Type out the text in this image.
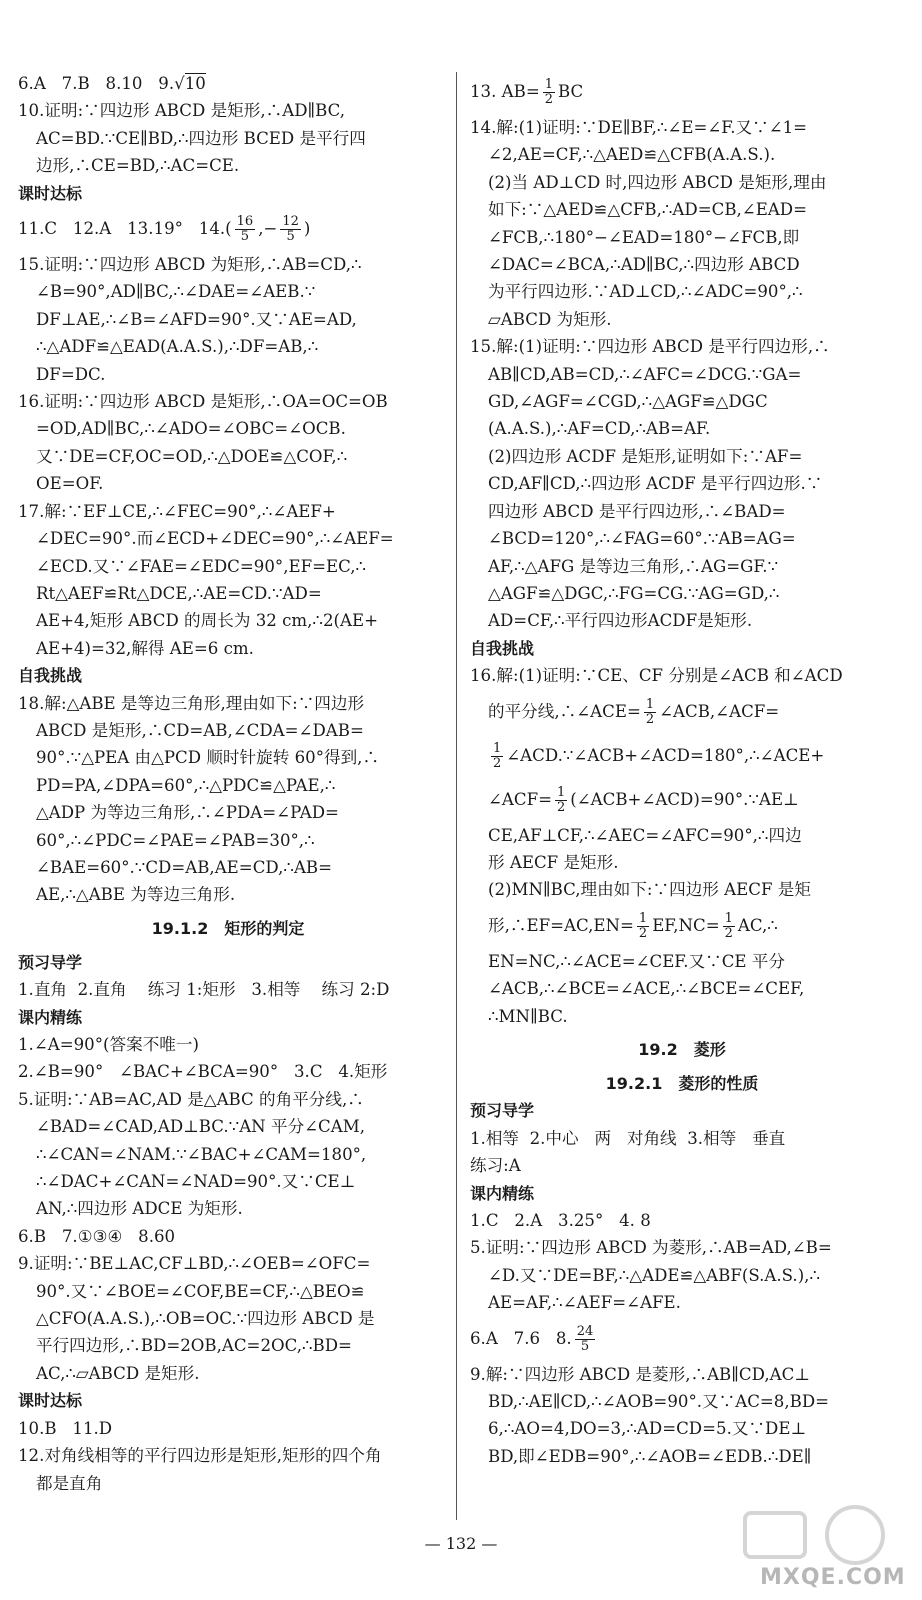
6.A 7.B 8.10 9.√10
10.证明:∵四边形 ABCD 是矩形,∴AD∥BC,
AC=BD.∵CE∥BD,∴四边形 BCED 是平行四
边形,∴CE=BD,∴AC=CE.
课时达标
11.C 12.A 13.19° $14.( \frac{16}{5}$ ,− $\frac{12}{5}$ )
15.证明:∵四边形 ABCD 为矩形,∴AB=CD,∴
∠B=90°,AD∥BC,∴∠DAE=∠AEB.∵
DF⊥AE,∴∠B=∠AFD=90°.又∵AE=AD,
∴△ADF≌△EAD(A.A.S.),∴DF=AB,∴
DF=DC.
16.证明:∵四边形 ABCD 是矩形,∴OA=OC=OB
=OD,AD∥BC,∴∠ADO=∠OBC=∠OCB.
又∵DE=CF,OC=OD,∴△DOE≌△COF,∴
OE=OF.
17.解:∵EF⊥CE,∴∠FEC=90°,∴∠AEF+
∠DEC=90°.而∠ECD+∠DEC=90°,∴∠AEF=
∠ECD.又∵∠FAE=∠EDC=90°,EF=EC,∴
Rt△AEF≌Rt△DCE,∴AE=CD.∵AD=
AE+4,矩形 ABCD 的周长为 32 cm,∴2(AE+
AE+4)=32,解得 AE=6 cm.
自我挑战
18.解:△ABE 是等边三角形,理由如下:∵四边形
ABCD 是矩形,∴CD=AB,∠CDA=∠DAB=
90°.∵△PEA 由△PCD 顺时针旋转 60°得到,∴
PD=PA,∠DPA=60°,∴△PDC≌△PAE,∴
△ADP 为等边三角形,∴∠PDA=∠PAD=
60°,∴∠PDC=∠PAE=∠PAB=30°,∴
∠BAE=60°.∵CD=AB,AE=CD,∴AB=
AE,∴△ABE 为等边三角形.
19.1.2　矩形的判定
预习导学
1.直角 2.直角 练习 1:矩形 3.相等 练习 2:D
课内精练
1.∠A=90°(答案不唯一)
2.∠B=90° ∠BAC+∠BCA=90° 3.C 4.矩形
5.证明:∵AB=AC,AD 是△ABC 的角平分线,∴
∠BAD=∠CAD,AD⊥BC.∵AN 平分∠CAM,
∴∠CAN=∠NAM.∵∠BAC+∠CAM=180°,
∴∠DAC+∠CAN=∠NAD=90°.又∵CE⊥
AN,∴四边形 ADCE 为矩形.
6.B 7.①③④ 8.60
9.证明:∵BE⊥AC,CF⊥BD,∴∠OEB=∠OFC=
90°.又∵∠BOE=∠COF,BE=CF,∴△BEO≌
△CFO(A.A.S.),∴OB=OC.∵四边形 ABCD 是
平行四边形,∴BD=2OB,AC=2OC,∴BD=
AC,∴▱ABCD 是矩形.
课时达标
10.B 11.D
12.对角线相等的平行四边形是矩形,矩形的四个角
都是直角
13. $AB= \frac{1}{2}$ BC
14.解:(1)证明:∵DE∥BF,∴∠E=∠F.又∵∠1=
∠2,AE=CF,∴△AED≌△CFB(A.A.S.).
(2)当 AD⊥CD 时,四边形 ABCD 是矩形,理由
如下:∵△AED≌△CFB,∴AD=CB,∠EAD=
∠FCB,∴180°−∠EAD=180°−∠FCB,即
∠DAC=∠BCA,∴AD∥BC,∴四边形 ABCD
为平行四边形.∵AD⊥CD,∴∠ADC=90°,∴
▱ABCD 为矩形.
15.解:(1)证明:∵四边形 ABCD 是平行四边形,∴
AB∥CD,AB=CD,∴∠AFC=∠DCG.∵GA=
GD,∠AGF=∠CGD,∴△AGF≌△DGC
(A.A.S.),∴AF=CD,∴AB=AF.
(2)四边形 ACDF 是矩形,证明如下:∵AF=
CD,AF∥CD,∴四边形 ACDF 是平行四边形.∵
四边形 ABCD 是平行四边形,∴∠BAD=
∠BCD=120°,∴∠FAG=60°.∵AB=AG=
AF,∴△AFG 是等边三角形,∴AG=GF.∵
△AGF≌△DGC,∴FG=CG.∵AG=GD,∴
AD=CF,∴平行四边形ACDF是矩形.
自我挑战
16.解:(1)证明:∵CE、CF 分别是∠ACB 和∠ACD
的平分线,∴∠ACE= $\frac{1}{2}$ ∠ACB,∠ACF=
$\frac{1}{2}$ ∠ACD.∵∠ACB+∠ACD=180°,∴∠ACE+
∠ACF= $\frac{1}{2}$ (∠ACB+∠ACD)=90°.∵AE⊥
CE,AF⊥CF,∴∠AEC=∠AFC=90°,∴四边
形 AECF 是矩形.
(2)MN∥BC,理由如下:∵四边形 AECF 是矩
形,∴EF=AC,EN= $\frac{1}{2} EF,NC= \frac{1}{2}$ AC,∴
EN=NC,∴∠ACE=∠CEF.又∵CE 平分
∠ACB,∴∠BCE=∠ACE,∴∠BCE=∠CEF,
∴MN∥BC.
19.2　菱形
19.2.1　菱形的性质
预习导学
1.相等 2.中心 两 对角线 3.相等 垂直
练习:A
课内精练
1.C 2.A 3.25° 4. 8
5.证明:∵四边形 ABCD 为菱形,∴AB=AD,∠B=
∠D.又∵DE=BF,∴△ADE≌△ABF(S.A.S.),∴
AE=AF,∴∠AEF=∠AFE.
6.A 7.6 8. $\frac{24}{5}$
9.解:∵四边形 ABCD 是菱形,∴AB∥CD,AC⊥
BD,∴AE∥CD,∴∠AOB=90°.又∵AC=8,BD=
6,∴AO=4,DO=3,∴AD=CD=5.又∵DE⊥
BD,即∠EDB=90°,∴∠AOB=∠EDB.∴DE∥
— 132 —
MXQE.COM
